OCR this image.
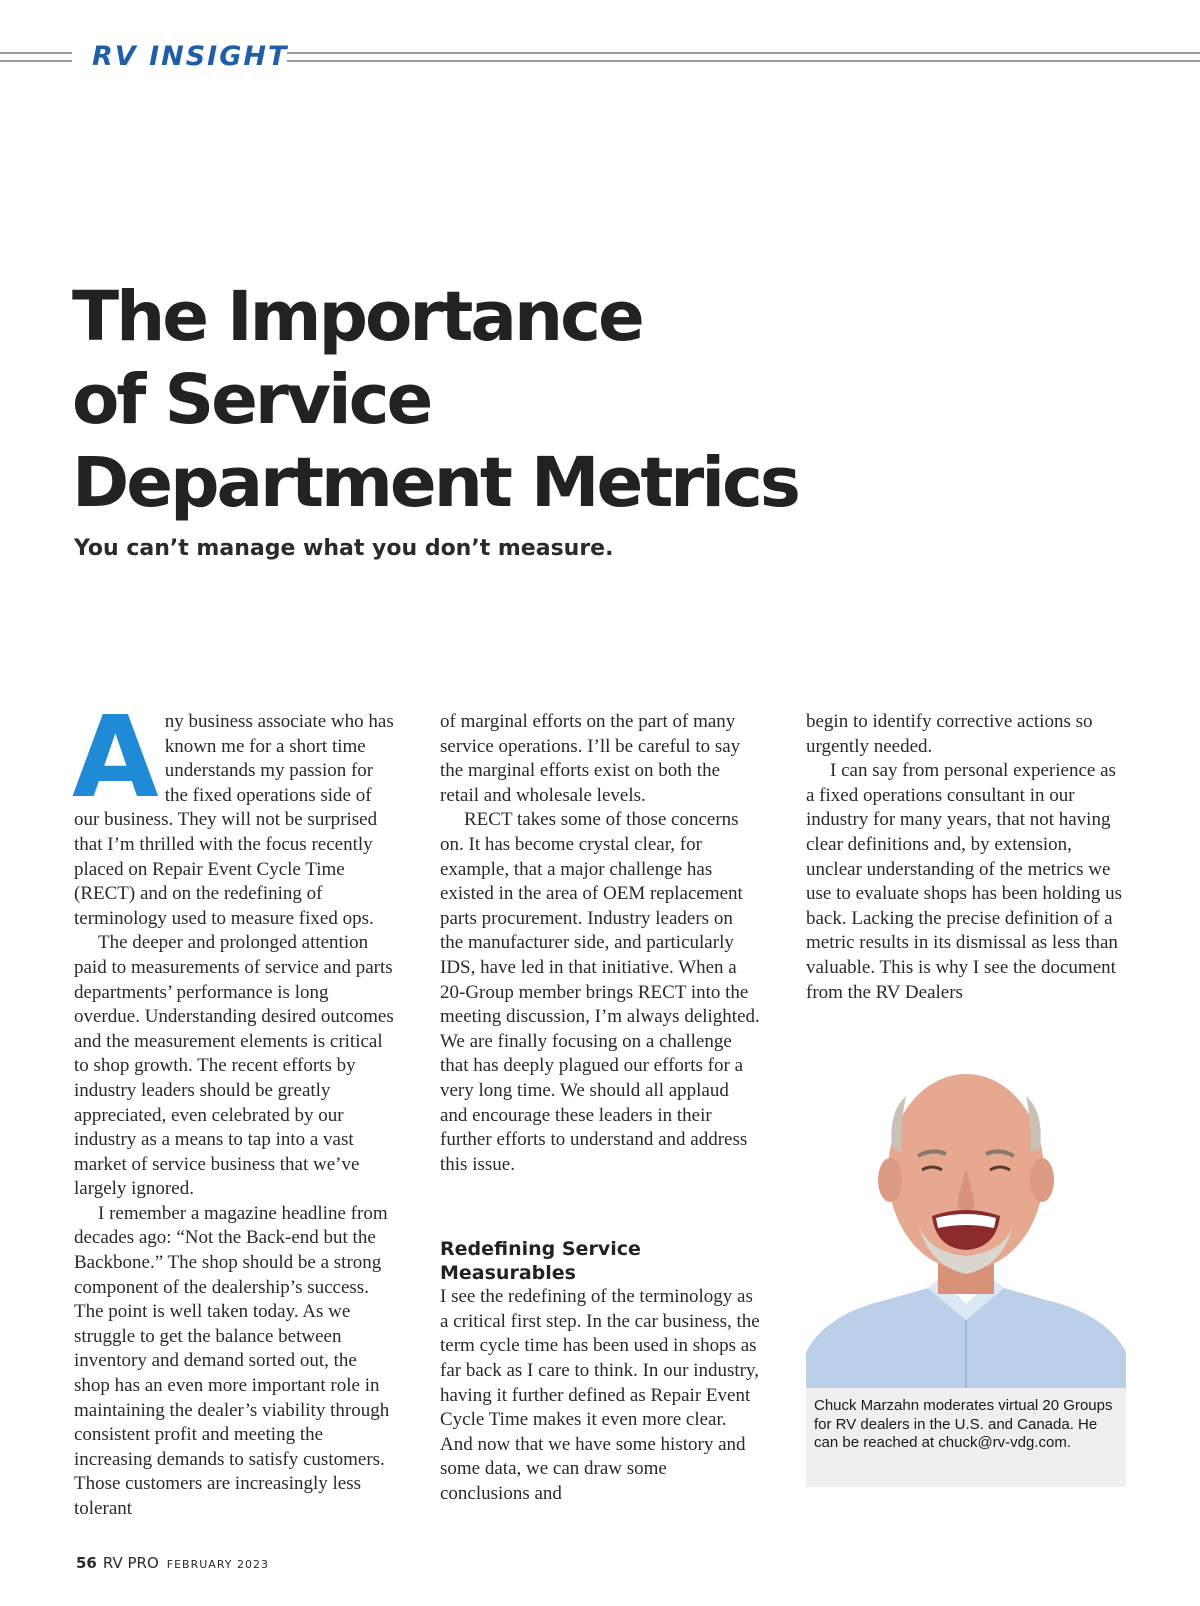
RV INSIGHT
The Importance
of Service
Department Metrics

You can’t manage what you don’t measure.

Any business associate who has known me for a short time understands my passion for the fixed operations side of our business. They will not be surprised that I’m thrilled with the focus recently placed on Repair Event Cycle Time (RECT) and on the redefining of terminology used to measure fixed ops.

The deeper and prolonged attention paid to measurements of service and parts departments’ performance is long overdue. Understanding desired outcomes and the measurement elements is critical to shop growth. The recent efforts by industry leaders should be greatly appreciated, even celebrated by our industry as a means to tap into a vast market of service business that we’ve largely ignored.

I remember a magazine headline from decades ago: “Not the Back-end but the Backbone.” The shop should be a strong component of the dealership’s success. The point is well taken today. As we struggle to get the balance between inventory and demand sorted out, the shop has an even more important role in maintaining the dealer’s viability through consistent profit and meeting the increasing demands to satisfy customers. Those customers are increasingly less tolerant

of marginal efforts on the part of many service operations. I’ll be careful to say the marginal efforts exist on both the retail and wholesale levels.

RECT takes some of those concerns on. It has become crystal clear, for example, that a major challenge has existed in the area of OEM replacement parts procurement. Industry leaders on the manufacturer side, and particularly IDS, have led in that initiative. When a 20-Group member brings RECT into the meeting discussion, I’m always delighted. We are finally focusing on a challenge that has deeply plagued our efforts for a very long time. We should all applaud and encourage these leaders in their further efforts to understand and address this issue.

Redefining Service Measurables

I see the redefining of the terminology as a critical first step. In the car business, the term cycle time has been used in shops as far back as I care to think. In our industry, having it further defined as Repair Event Cycle Time makes it even more clear. And now that we have some history and some data, we can draw some conclusions and

begin to identify corrective actions so urgently needed.

I can say from personal experience as a fixed operations consultant in our industry for many years, that not having clear definitions and, by extension, unclear understanding of the metrics we use to evaluate shops has been holding us back. Lacking the precise definition of a metric results in its dismissal as less than valuable. This is why I see the document from the RV Dealers

Chuck Marzahn moderates virtual 20 Groups for RV dealers in the U.S. and Canada. He can be reached at chuck@rv-vdg.com.
56 RV PRO FEBRUARY 2023
